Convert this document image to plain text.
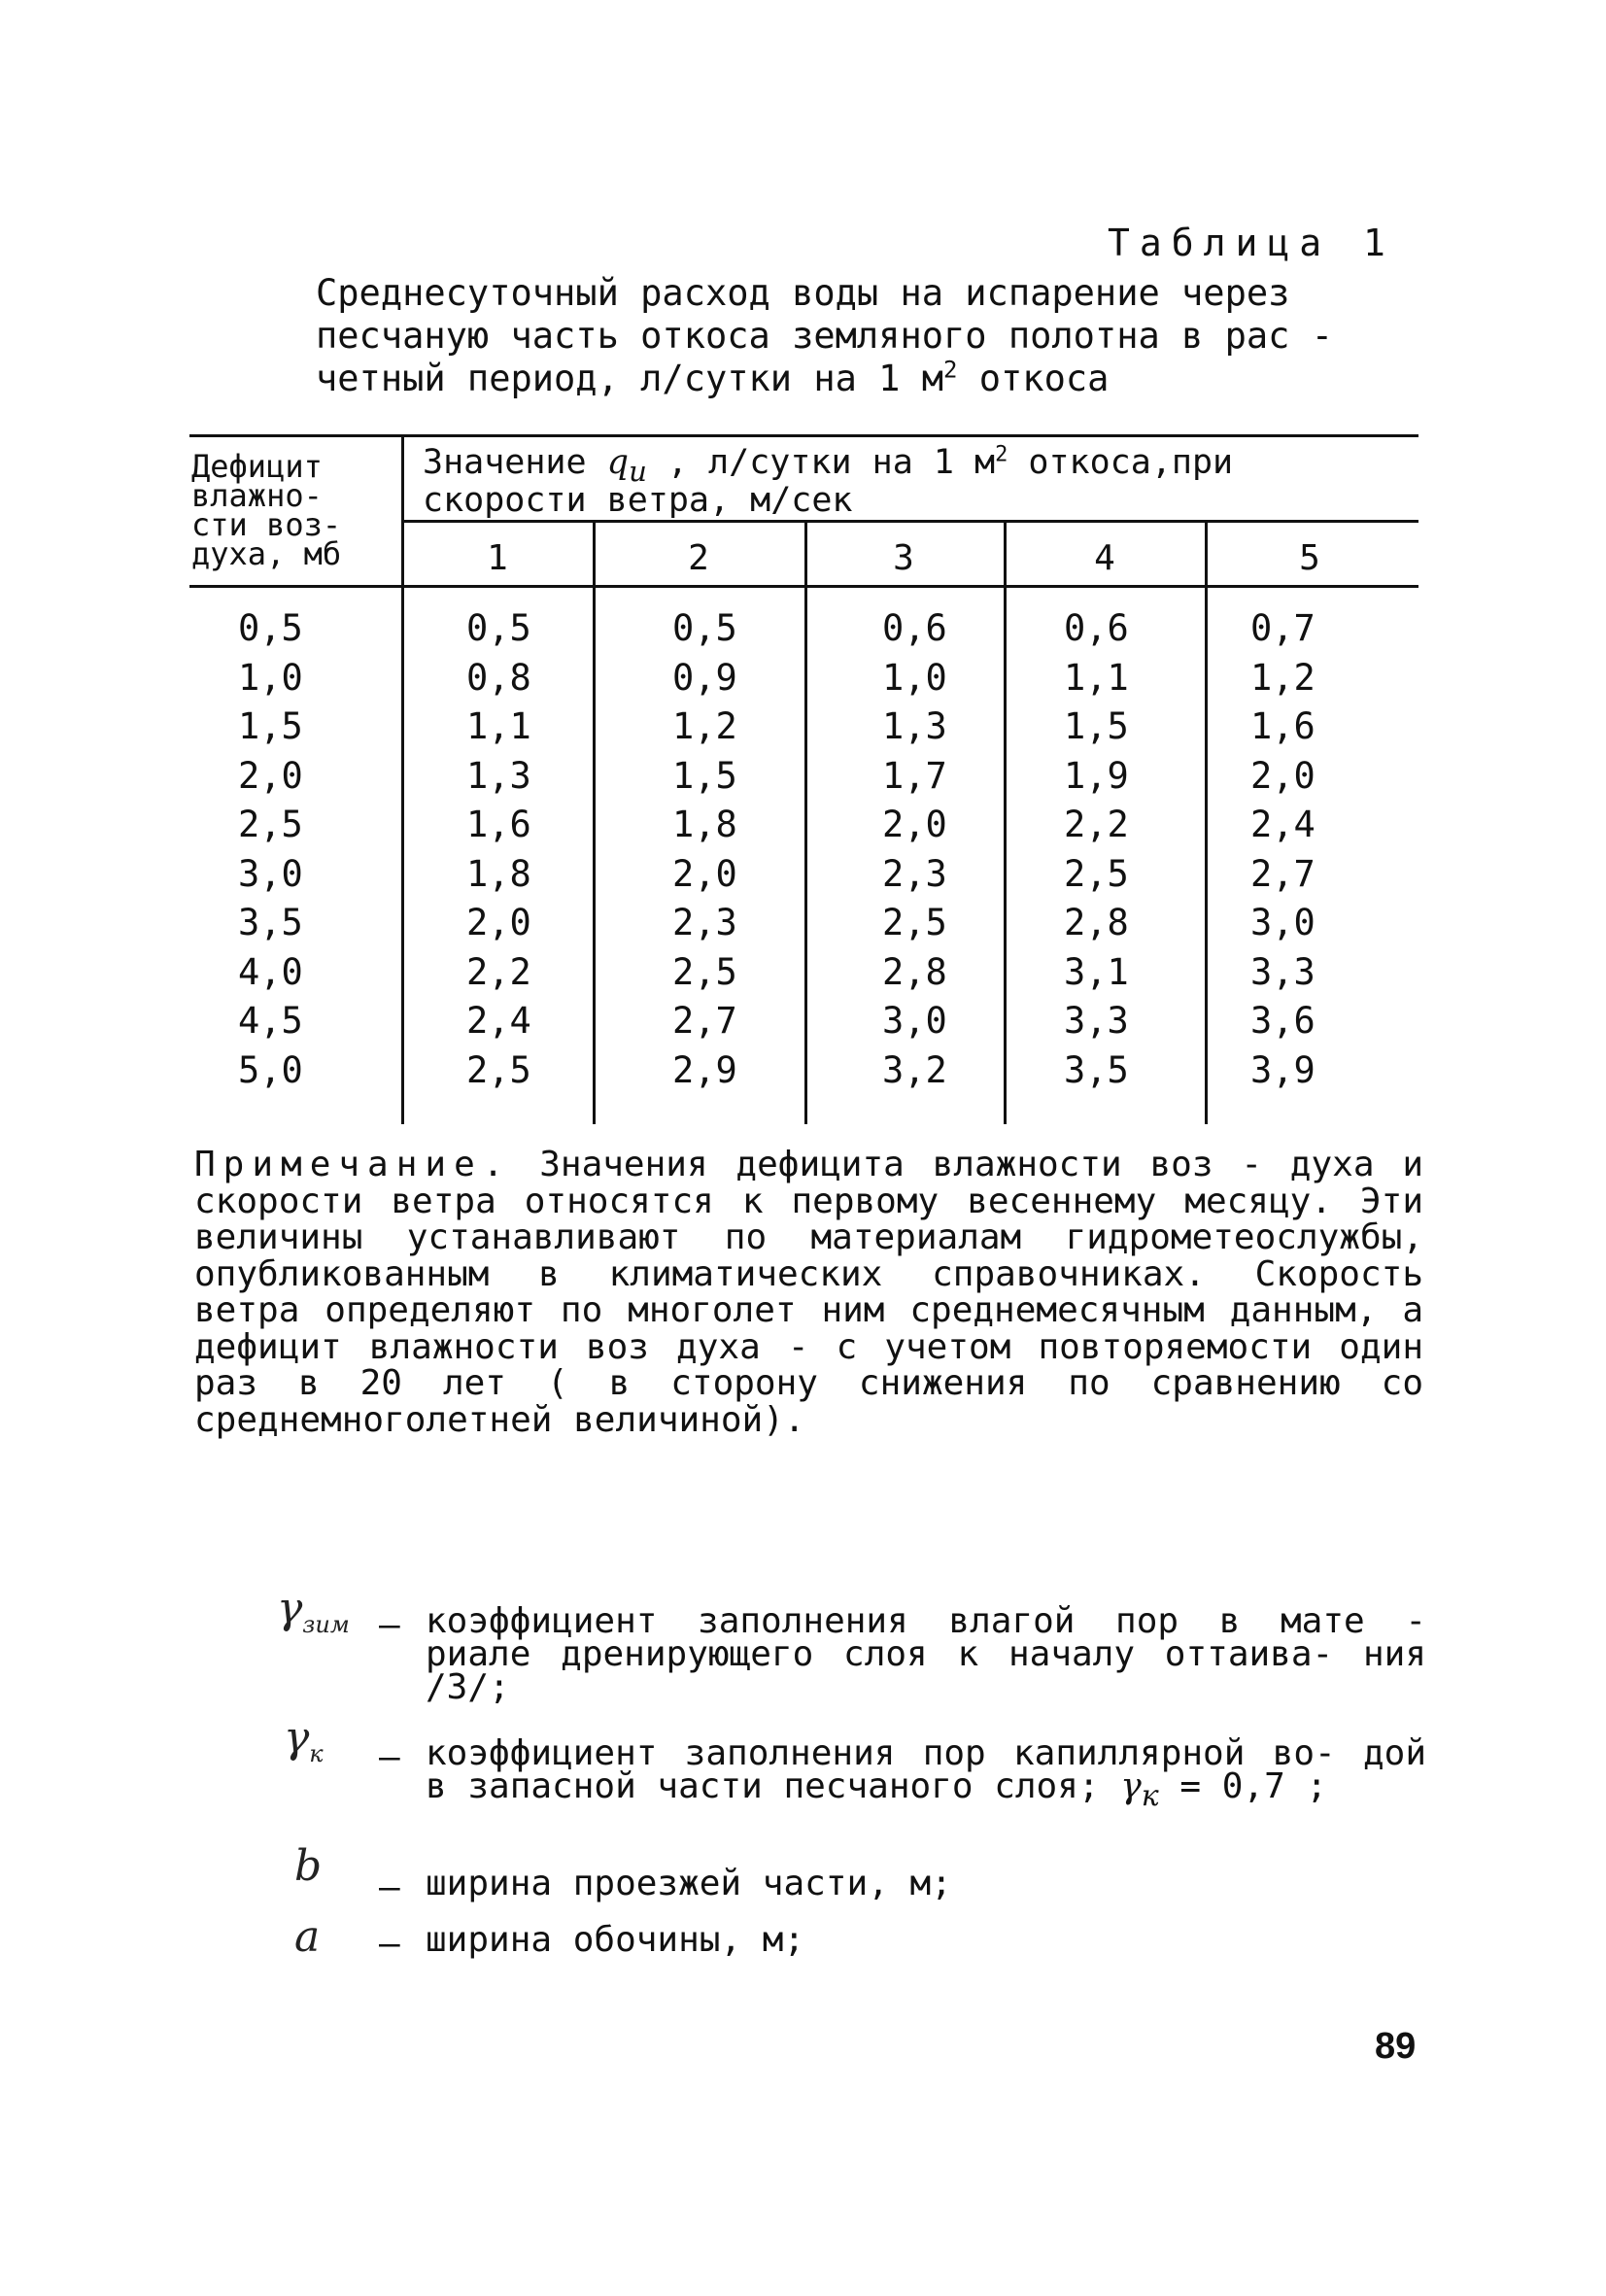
Таблица 1
Среднесуточный расход воды на испарение через
песчаную часть откоса земляного полотна в рас -
четный период, л/сутки на 1 $м^2$ откоса
Дефицит
влажно-
сти воз-
духа, мб
Значение $q_и$ , л/сутки на 1 $м^2$ откоса,при
скорости ветра, м/сек
1	2	3	4	5
0,5	0,5	0,5	0,6	0,6	0,7
1,0	0,8	0,9	1,0	1,1	1,2
1,5	1,1	1,2	1,3	1,5	1,6
2,0	1,3	1,5	1,7	1,9	2,0
2,5	1,6	1,8	2,0	2,2	2,4
3,0	1,8	2,0	2,3	2,5	2,7
3,5	2,0	2,3	2,5	2,8	3,0
4,0	2,2	2,5	2,8	3,1	3,3
4,5	2,4	2,7	3,0	3,3	3,6
5,0	2,5	2,9	3,2	3,5	3,9
Примечание. Значения дефицита влажности воз - духа и скорости ветра относятся к первому весеннему месяцу. Эти величины устанавливают по материалам гидрометеослужбы, опубликованным в климатических справочниках. Скорость ветра определяют по многолет ним среднемесячным данным, а дефицит влажности воз духа - с учетом повторяемости один раз в 20 лет ( в сторону снижения по сравнению со среднемноголетней величиной).
$\gamma_{зим}$ – коэффициент заполнения влагой пор в мате - риале дренирующего слоя к началу оттаива- ния /3/;
$\gamma_к$ – коэффициент заполнения пор капиллярной во- дой в запасной части песчаного слоя; $\gamma_к = 0,7$ ;
b – ширина проезжей части, м;
a – ширина обочины, м;
89
